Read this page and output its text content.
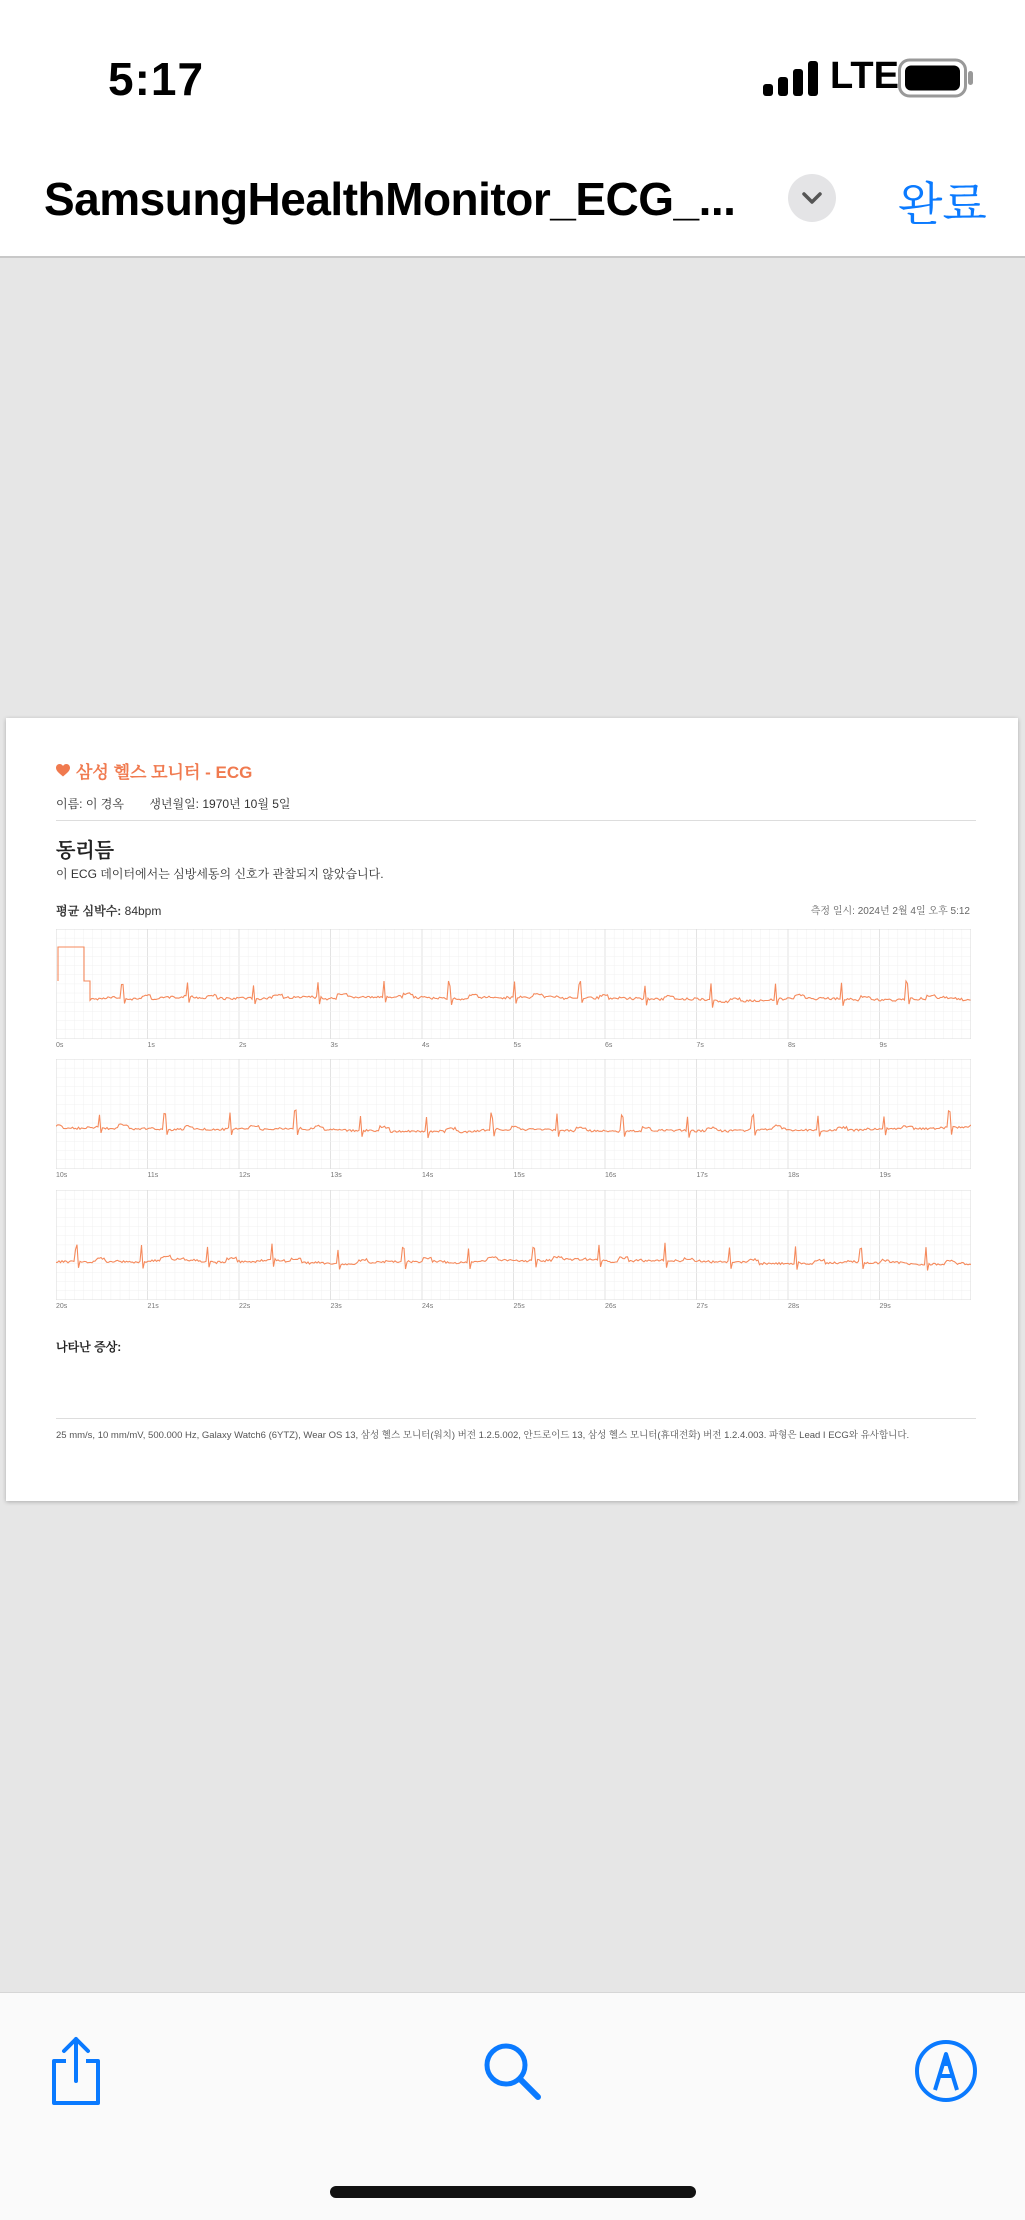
5:17	LTE
SamsungHealthMonitor_ECG_...	완료
삼성 헬스 모니터 - ECG
이름: 이 경옥 생년월일: 1970년 10월 5일
동리듬
이 ECG 데이터에서는 심방세동의 신호가 관찰되지 않았습니다.
평균 심박수: 84bpm	측정 일시: 2024년 2월 4일 오후 5:12
0s	1s	2s	3s	4s	5s	6s	7s	8s	9s
10s	11s	12s	13s	14s	15s	16s	17s	18s	19s
20s	21s	22s	23s	24s	25s	26s	27s	28s	29s
나타난 증상:
25 mm/s, 10 mm/mV, 500.000 Hz, Galaxy Watch6 (6YTZ), Wear OS 13, 삼성 헬스 모니터(워치) 버전 1.2.5.002, 안드로이드 13, 삼성 헬스 모니터(휴대전화) 버전 1.2.4.003. 파형은 Lead I ECG와 유사합니다.
